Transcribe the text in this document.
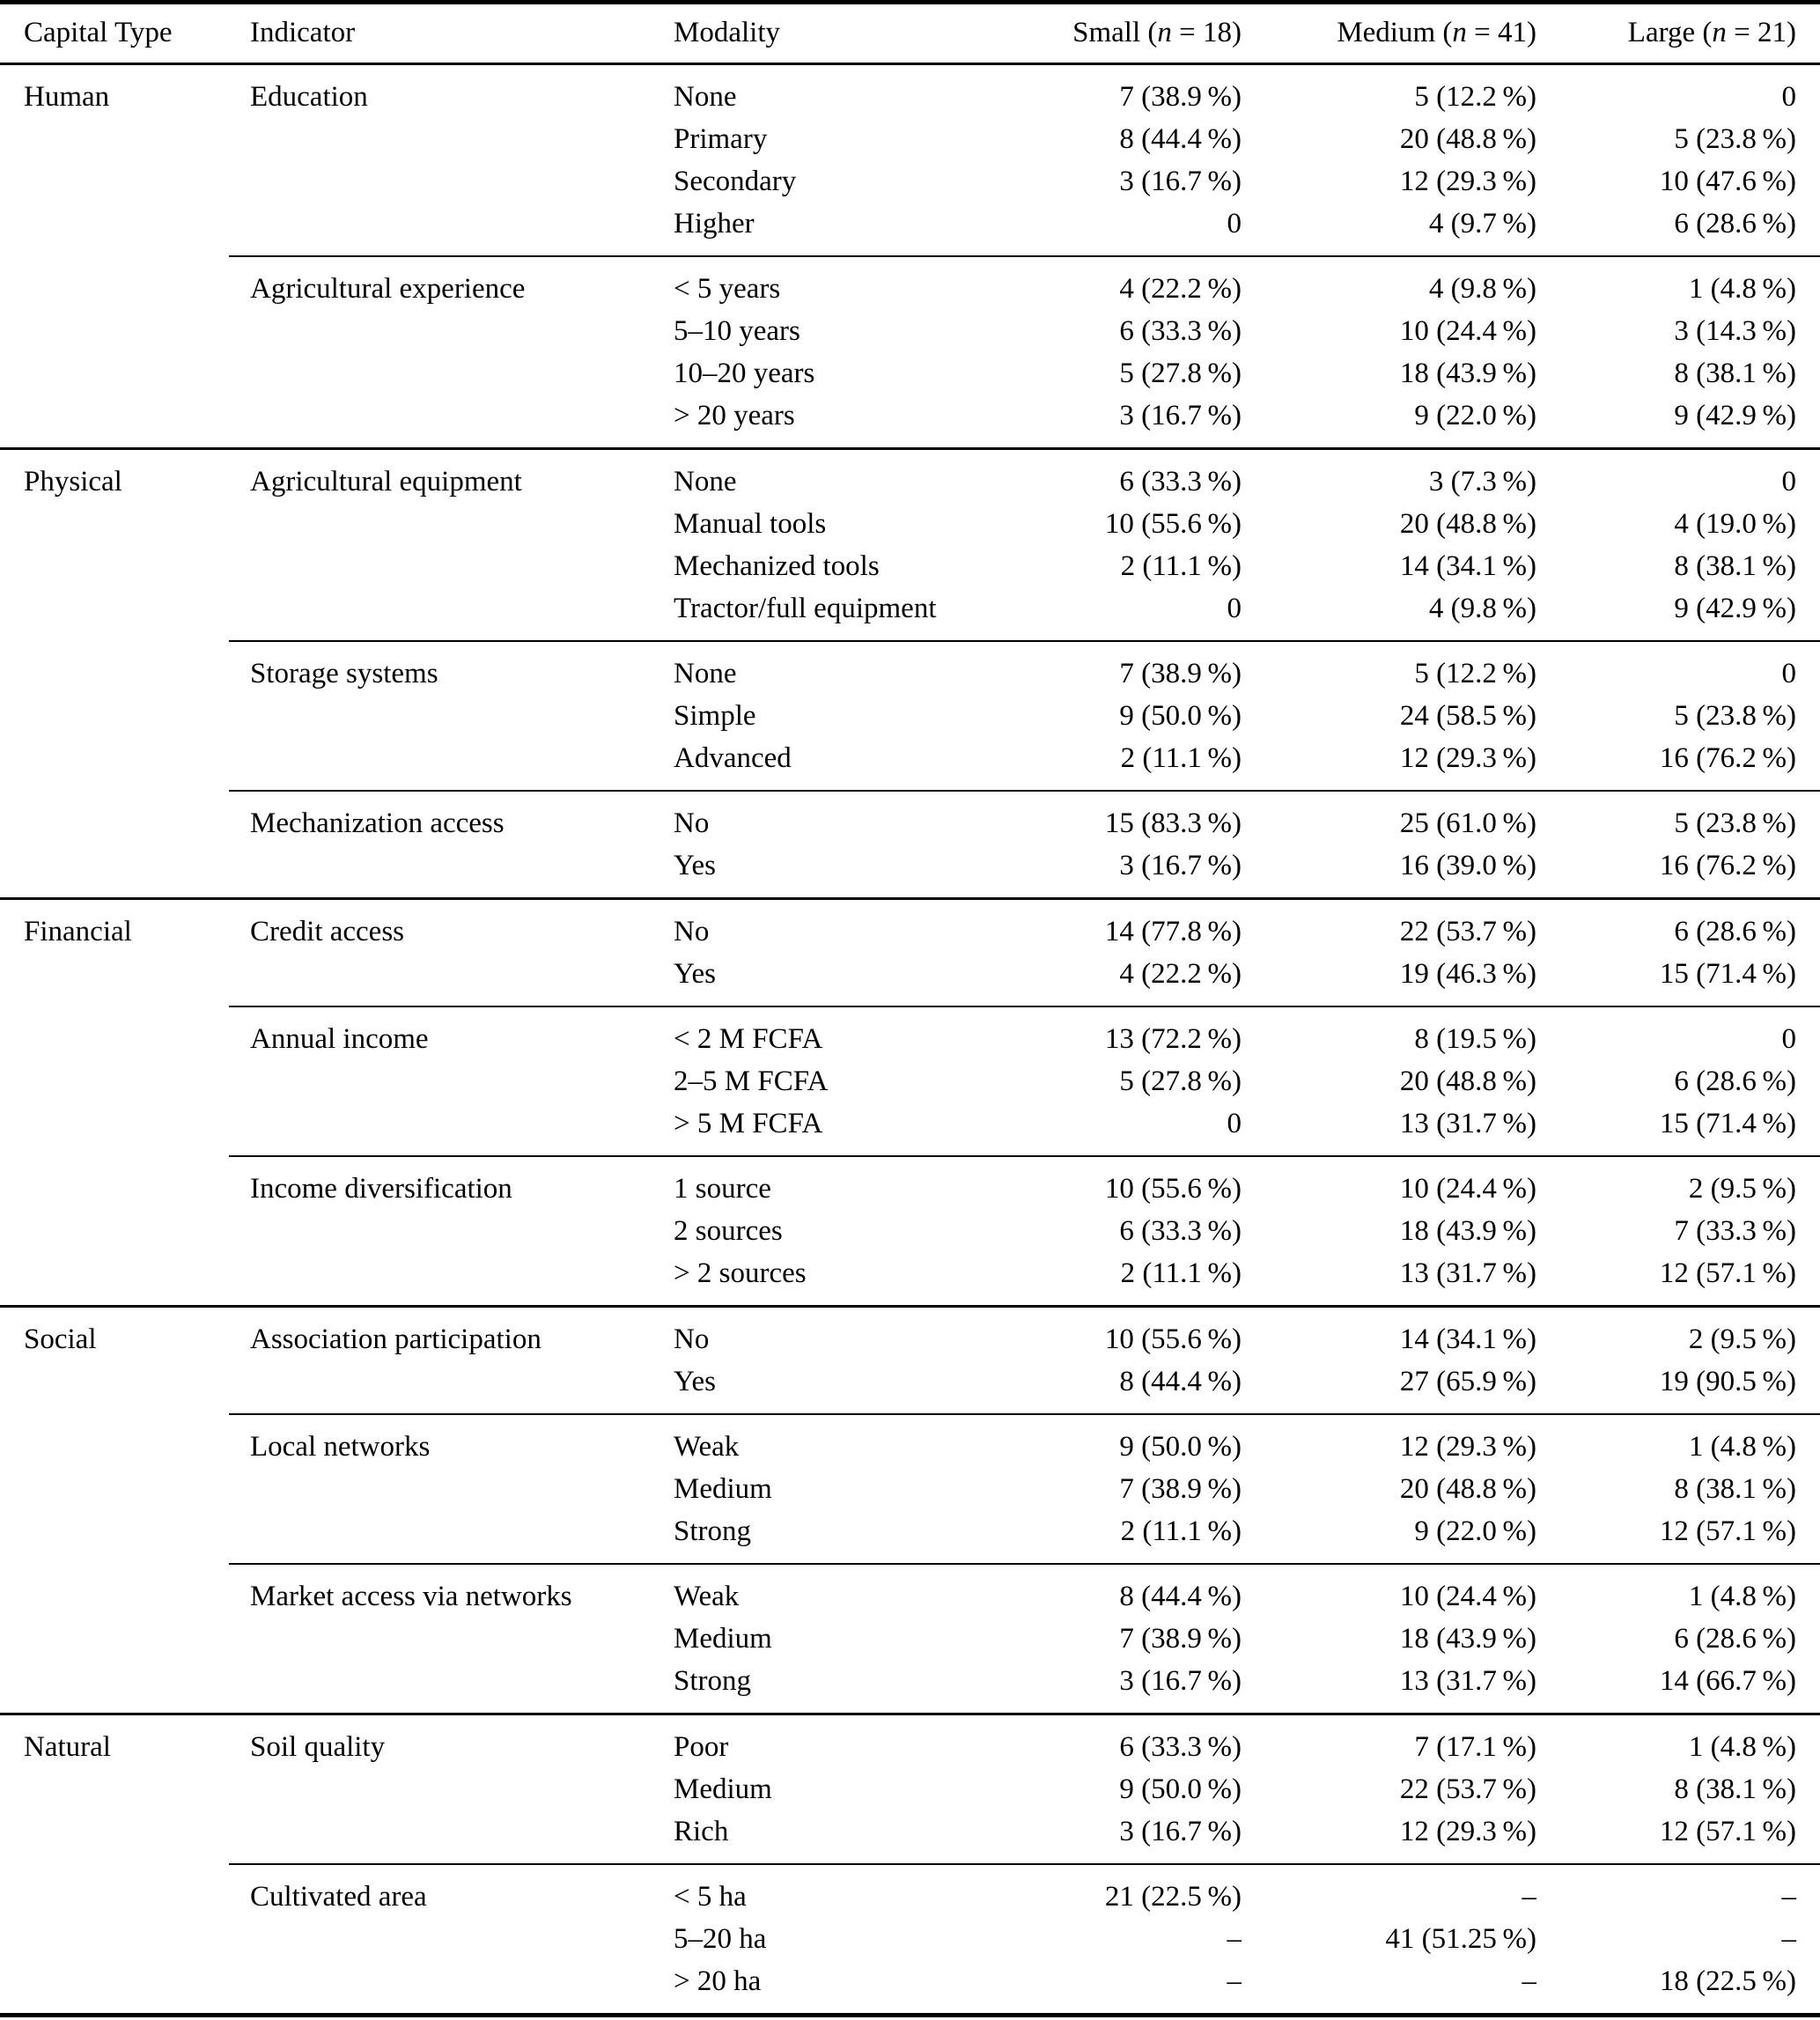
Capital Type	Indicator	Modality	Small (n = 18)	Medium (n = 41)	Large (n = 21)
Human	Education	None	7 (38.9 %)	5 (12.2 %)	0
		Primary	8 (44.4 %)	20 (48.8 %)	5 (23.8 %)
		Secondary	3 (16.7 %)	12 (29.3 %)	10 (47.6 %)
		Higher	0	4 (9.7 %)	6 (28.6 %)
	Agricultural experience	< 5 years	4 (22.2 %)	4 (9.8 %)	1 (4.8 %)
		5–10 years	6 (33.3 %)	10 (24.4 %)	3 (14.3 %)
		10–20 years	5 (27.8 %)	18 (43.9 %)	8 (38.1 %)
		> 20 years	3 (16.7 %)	9 (22.0 %)	9 (42.9 %)
Physical	Agricultural equipment	None	6 (33.3 %)	3 (7.3 %)	0
		Manual tools	10 (55.6 %)	20 (48.8 %)	4 (19.0 %)
		Mechanized tools	2 (11.1 %)	14 (34.1 %)	8 (38.1 %)
		Tractor/full equipment	0	4 (9.8 %)	9 (42.9 %)
	Storage systems	None	7 (38.9 %)	5 (12.2 %)	0
		Simple	9 (50.0 %)	24 (58.5 %)	5 (23.8 %)
		Advanced	2 (11.1 %)	12 (29.3 %)	16 (76.2 %)
	Mechanization access	No	15 (83.3 %)	25 (61.0 %)	5 (23.8 %)
		Yes	3 (16.7 %)	16 (39.0 %)	16 (76.2 %)
Financial	Credit access	No	14 (77.8 %)	22 (53.7 %)	6 (28.6 %)
		Yes	4 (22.2 %)	19 (46.3 %)	15 (71.4 %)
	Annual income	< 2 M FCFA	13 (72.2 %)	8 (19.5 %)	0
		2–5 M FCFA	5 (27.8 %)	20 (48.8 %)	6 (28.6 %)
		> 5 M FCFA	0	13 (31.7 %)	15 (71.4 %)
	Income diversification	1 source	10 (55.6 %)	10 (24.4 %)	2 (9.5 %)
		2 sources	6 (33.3 %)	18 (43.9 %)	7 (33.3 %)
		> 2 sources	2 (11.1 %)	13 (31.7 %)	12 (57.1 %)
Social	Association participation	No	10 (55.6 %)	14 (34.1 %)	2 (9.5 %)
		Yes	8 (44.4 %)	27 (65.9 %)	19 (90.5 %)
	Local networks	Weak	9 (50.0 %)	12 (29.3 %)	1 (4.8 %)
		Medium	7 (38.9 %)	20 (48.8 %)	8 (38.1 %)
		Strong	2 (11.1 %)	9 (22.0 %)	12 (57.1 %)
	Market access via networks	Weak	8 (44.4 %)	10 (24.4 %)	1 (4.8 %)
		Medium	7 (38.9 %)	18 (43.9 %)	6 (28.6 %)
		Strong	3 (16.7 %)	13 (31.7 %)	14 (66.7 %)
Natural	Soil quality	Poor	6 (33.3 %)	7 (17.1 %)	1 (4.8 %)
		Medium	9 (50.0 %)	22 (53.7 %)	8 (38.1 %)
		Rich	3 (16.7 %)	12 (29.3 %)	12 (57.1 %)
	Cultivated area	< 5 ha	21 (22.5 %)	–	–
		5–20 ha	–	41 (51.25 %)	–
		> 20 ha	–	–	18 (22.5 %)
